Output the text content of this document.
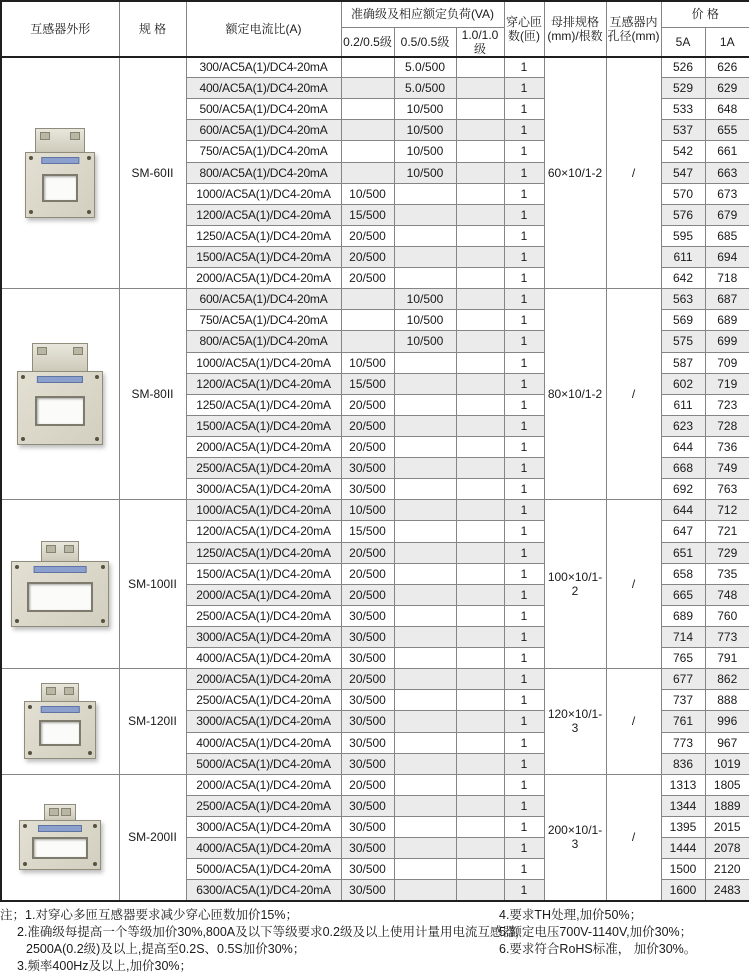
互感器外形	规 格	额定电流比(A)	准确级及相应额定负荷(VA)			穿心匝数(匝)	母排规格(mm)/根数	互感器内孔径(mm)	价 格	
			0.2/0.5级	0.5/0.5级	1.0/1.0级				5A	1A

	SM-60II	300/AC5A(1)/DC4-20mA		5.0/500		1	60×10/1-2	/	526	626
		400/AC5A(1)/DC4-20mA		5.0/500		1			529	629
		500/AC5A(1)/DC4-20mA		10/500		1			533	648
		600/AC5A(1)/DC4-20mA		10/500		1			537	655
		750/AC5A(1)/DC4-20mA		10/500		1			542	661
		800/AC5A(1)/DC4-20mA		10/500		1			547	663
		1000/AC5A(1)/DC4-20mA	10/500			1			570	673
		1200/AC5A(1)/DC4-20mA	15/500			1			576	679
		1250/AC5A(1)/DC4-20mA	20/500			1			595	685
		1500/AC5A(1)/DC4-20mA	20/500			1			611	694
		2000/AC5A(1)/DC4-20mA	20/500			1			642	718

	SM-80II	600/AC5A(1)/DC4-20mA		10/500		1	80×10/1-2	/	563	687
		750/AC5A(1)/DC4-20mA		10/500		1			569	689
		800/AC5A(1)/DC4-20mA		10/500		1			575	699
		1000/AC5A(1)/DC4-20mA	10/500			1			587	709
		1200/AC5A(1)/DC4-20mA	15/500			1			602	719
		1250/AC5A(1)/DC4-20mA	20/500			1			611	723
		1500/AC5A(1)/DC4-20mA	20/500			1			623	728
		2000/AC5A(1)/DC4-20mA	20/500			1			644	736
		2500/AC5A(1)/DC4-20mA	30/500			1			668	749
		3000/AC5A(1)/DC4-20mA	30/500			1			692	763

	SM-100II	1000/AC5A(1)/DC4-20mA	10/500			1	100×10/1-2	/	644	712
		1200/AC5A(1)/DC4-20mA	15/500			1			647	721
		1250/AC5A(1)/DC4-20mA	20/500			1			651	729
		1500/AC5A(1)/DC4-20mA	20/500			1			658	735
		2000/AC5A(1)/DC4-20mA	20/500			1			665	748
		2500/AC5A(1)/DC4-20mA	30/500			1			689	760
		3000/AC5A(1)/DC4-20mA	30/500			1			714	773
		4000/AC5A(1)/DC4-20mA	30/500			1			765	791

	SM-120II	2000/AC5A(1)/DC4-20mA	20/500			1	120×10/1-3	/	677	862
		2500/AC5A(1)/DC4-20mA	30/500			1			737	888
		3000/AC5A(1)/DC4-20mA	30/500			1			761	996
		4000/AC5A(1)/DC4-20mA	30/500			1			773	967
		5000/AC5A(1)/DC4-20mA	30/500			1			836	1019

	SM-200II	2000/AC5A(1)/DC4-20mA	20/500			1	200×10/1-3	/	1313	1805
		2500/AC5A(1)/DC4-20mA	30/500			1			1344	1889
		3000/AC5A(1)/DC4-20mA	30/500			1			1395	2015
		4000/AC5A(1)/DC4-20mA	30/500			1			1444	2078
		5000/AC5A(1)/DC4-20mA	30/500			1			1500	2120
		6300/AC5A(1)/DC4-20mA	30/500			1			1600	2483
注；1.对穿心多匝互感器要求减少穿心匝数加价15%；
2.准确级每提高一个等级加价30%,800A及以下等级要求0.2级及以上使用计量用电流互感器，
2500A(0.2级)及以上,提高至0.2S、0.5S加价30%；
3.频率400Hz及以上,加价30%；
4.要求TH处理,加价50%；
5.额定电压700V-1140V,加价30%；
6.要求符合RoHS标准， 加价30%。
